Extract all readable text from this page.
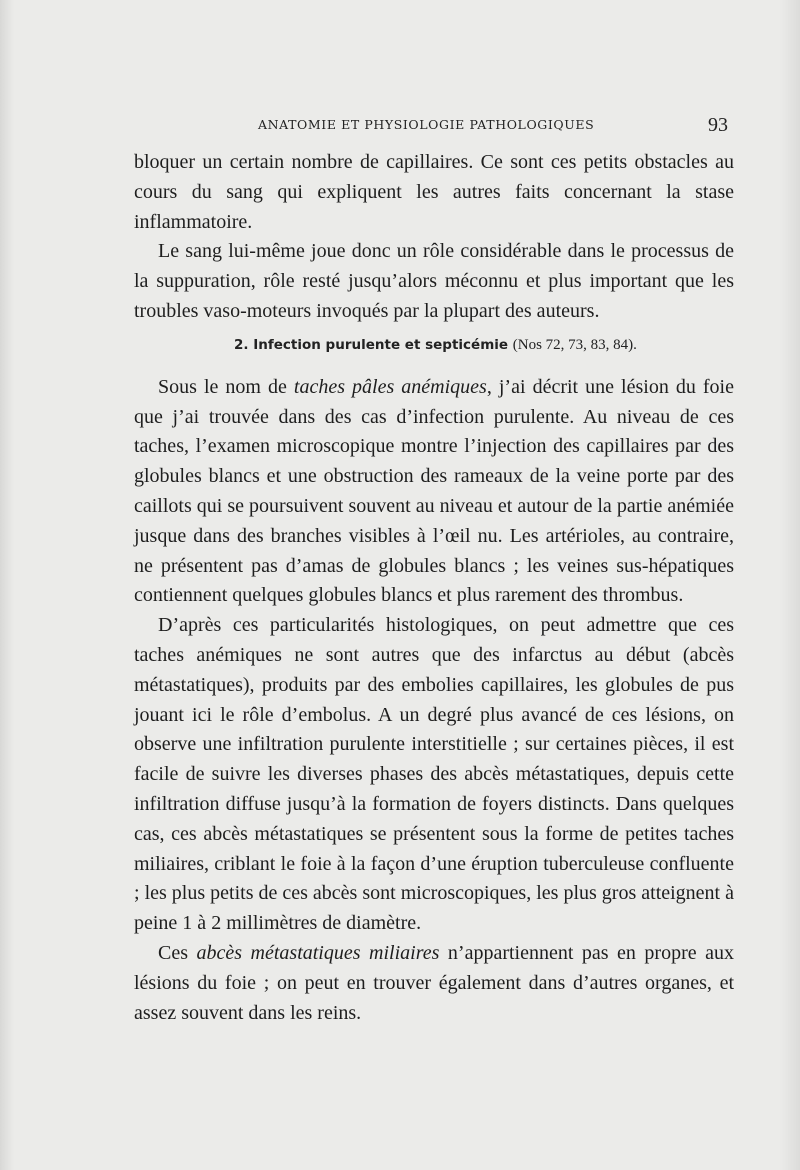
ANATOMIE ET PHYSIOLOGIE PATHOLOGIQUES	93

bloquer un certain nombre de capillaires. Ce sont ces petits obstacles au cours du sang qui expliquent les autres faits concernant la stase inflammatoire.

Le sang lui-même joue donc un rôle considérable dans le processus de la suppuration, rôle resté jusqu’alors méconnu et plus important que les troubles vaso-moteurs invoqués par la plupart des auteurs.

2. Infection purulente et septicémie (Nos 72, 73, 83, 84).

Sous le nom de taches pâles anémiques, j’ai décrit une lésion du foie que j’ai trouvée dans des cas d’infection purulente. Au niveau de ces taches, l’examen microscopique montre l’injection des capillaires par des globules blancs et une obstruction des rameaux de la veine porte par des caillots qui se poursuivent souvent au niveau et autour de la partie anémiée jusque dans des branches visibles à l’œil nu. Les artérioles, au contraire, ne présentent pas d’amas de globules blancs ; les veines sus-hépatiques contiennent quelques globules blancs et plus rarement des thrombus.

D’après ces particularités histologiques, on peut admettre que ces taches anémiques ne sont autres que des infarctus au début (abcès métastatiques), produits par des embolies capillaires, les globules de pus jouant ici le rôle d’embolus. A un degré plus avancé de ces lésions, on observe une infiltration purulente interstitielle ; sur certaines pièces, il est facile de suivre les diverses phases des abcès métastatiques, depuis cette infiltration diffuse jusqu’à la formation de foyers distincts. Dans quelques cas, ces abcès métastatiques se présentent sous la forme de petites taches miliaires, criblant le foie à la façon d’une éruption tuberculeuse confluente ; les plus petits de ces abcès sont microscopiques, les plus gros atteignent à peine 1 à 2 millimètres de diamètre.

Ces abcès métastatiques miliaires n’appartiennent pas en propre aux lésions du foie ; on peut en trouver également dans d’autres organes, et assez souvent dans les reins.
